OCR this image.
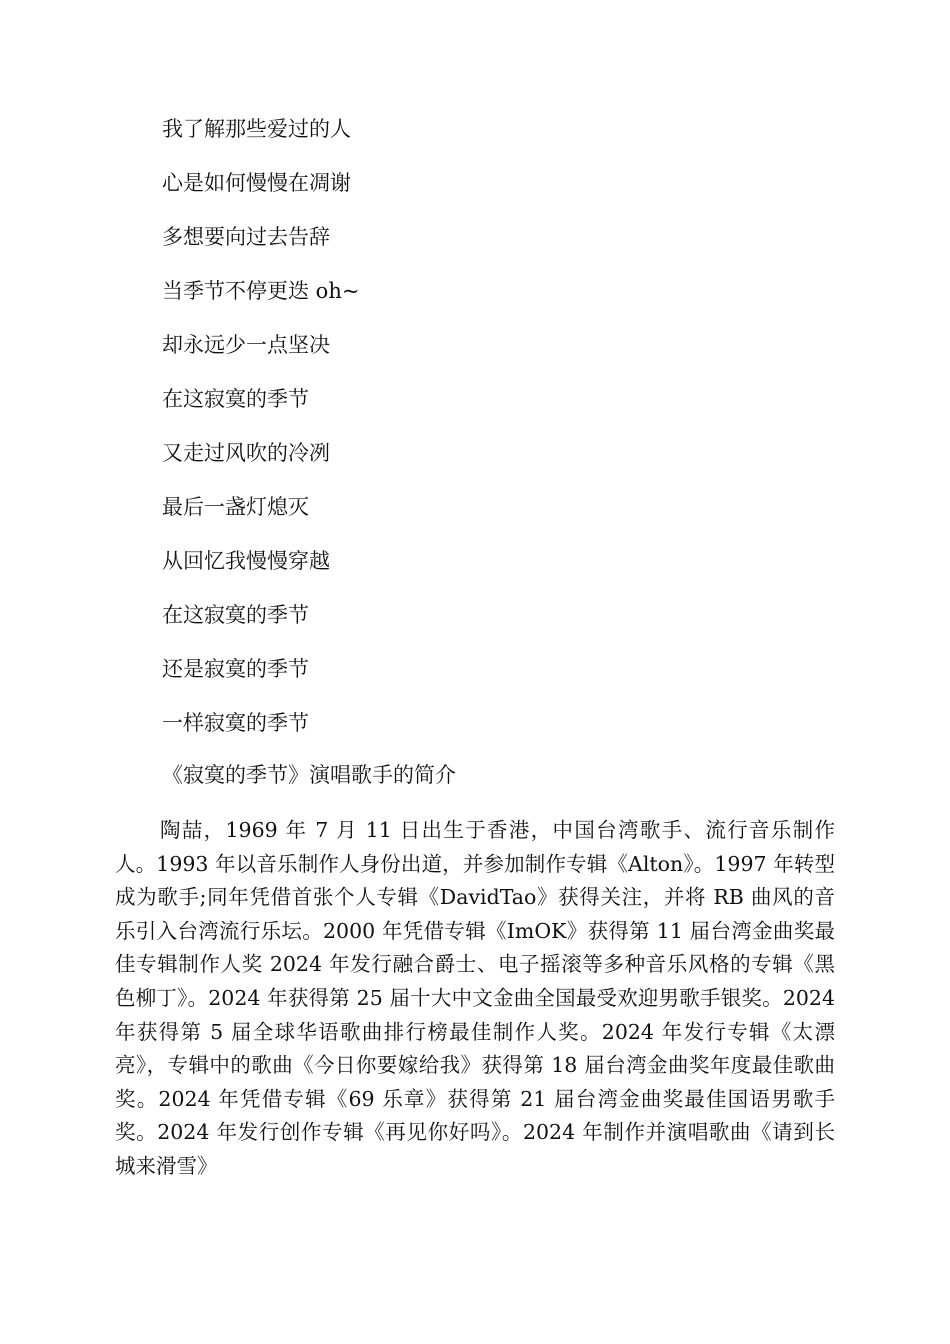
我了解那些爱过的人
心是如何慢慢在凋谢
多想要向过去告辞
当季节不停更迭 oh~
却永远少一点坚决
在这寂寞的季节
又走过风吹的冷冽
最后一盏灯熄灭
从回忆我慢慢穿越
在这寂寞的季节
还是寂寞的季节
一样寂寞的季节
《寂寞的季节》演唱歌手的简介

陶喆，1969 年 7 月 11 日出生于香港，中国台湾歌手、流行音乐制作人。1993 年以音乐制作人身份出道，并参加制作专辑《Alton》。1997 年转型成为歌手;同年凭借首张个人专辑《DavidTao》获得关注，并将 RB 曲风的音乐引入台湾流行乐坛。2000 年凭借专辑《ImOK》获得第 11 届台湾金曲奖最佳专辑制作人奖 2024 年发行融合爵士、电子摇滚等多种音乐风格的专辑《黑色柳丁》。2024 年获得第 25 届十大中文金曲全国最受欢迎男歌手银奖。2024 年获得第 5 届全球华语歌曲排行榜最佳制作人奖。2024 年发行专辑《太漂亮》，专辑中的歌曲《今日你要嫁给我》获得第 18 届台湾金曲奖年度最佳歌曲奖。2024 年凭借专辑《69 乐章》获得第 21 届台湾金曲奖最佳国语男歌手奖。2024 年发行创作专辑《再见你好吗》。2024 年制作并演唱歌曲《请到长城来滑雪》
